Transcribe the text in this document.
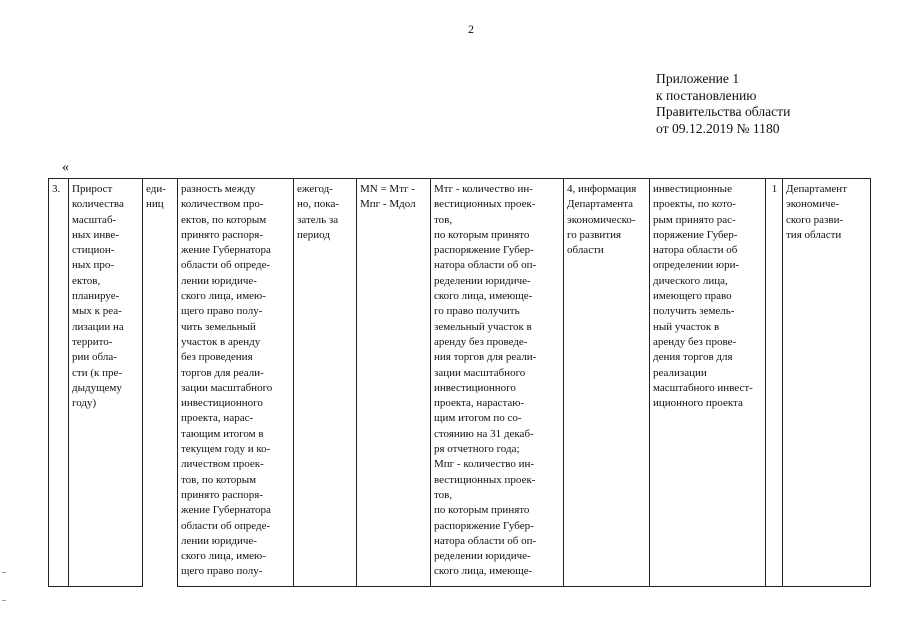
2
Приложение 1
к постановлению
Правительства области
от 09.12.2019 № 1180
«
3.	Прирост
количества
масштаб-
ных инве-
стицион-
ных про-
ектов,
планируе-
мых к реа-
лизации на
террито-
рии обла-
сти (к пре-
дыдущему
году)	еди-
ниц	разность между
количеством про-
ектов, по которым
принято распоря-
жение Губернатора
области об опреде-
лении юридиче-
ского лица, имею-
щего право полу-
чить земельный
участок в аренду
без проведения
торгов для реали-
зации масштабного
инвестиционного
проекта, нарас-
тающим итогом в
текущем году и ко-
личеством проек-
тов, по которым
принято распоря-
жение Губернатора
области об опреде-
лении юридиче-
ского лица, имею-
щего право полу-	ежегод-
но, пока-
затель за
период	MN = Мтг -
Мпг - Мдол	Мтг - количество ин-
вестиционных проек-
тов,
по которым принято
распоряжение Губер-
натора области об оп-
ределении юридиче-
ского лица, имеюще-
го право получить
земельный участок в
аренду без проведе-
ния торгов для реали-
зации масштабного
инвестиционного
проекта, нарастаю-
щим итогом по со-
стоянию на 31 декаб-
ря отчетного года;
Мпг - количество ин-
вестиционных проек-
тов,
по которым принято
распоряжение Губер-
натора области об оп-
ределении юридиче-
ского лица, имеюще-	4, информация
Департамента
экономическо-
го развития
области	инвестиционные
проекты, по кото-
рым принято рас-
поряжение Губер-
натора области об
определении юри-
дического лица,
имеющего право
получить земель-
ный участок в
аренду без прове-
дения торгов для
реализации
масштабного инвест-
иционного проекта	1	Департамент
экономиче-
ского разви-
тия области
